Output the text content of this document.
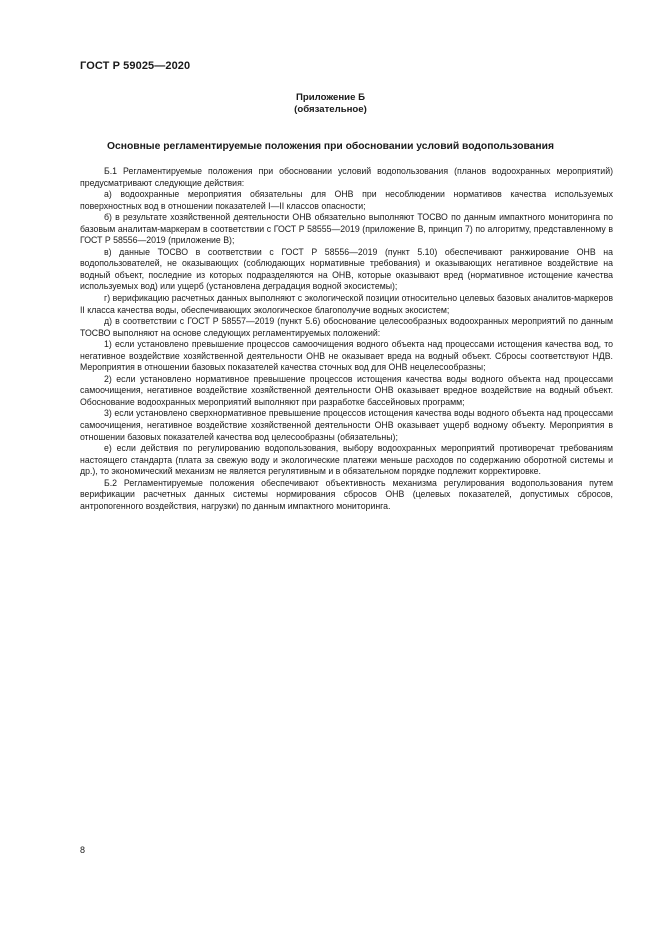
ГОСТ Р 59025—2020
Приложение Б
(обязательное)
Основные регламентируемые положения при обосновании условий водопользования

Б.1 Регламентируемые положения при обосновании условий водопользования (планов водоохранных мероприятий) предусматривают следующие действия:

а) водоохранные мероприятия обязательны для ОНВ при несоблюдении нормативов качества используемых поверхностных вод в отношении показателей I—II классов опасности;

б) в результате хозяйственной деятельности ОНВ обязательно выполняют ТОСВО по данным импактного мониторинга по базовым аналитам-маркерам в соответствии с ГОСТ Р 58555—2019 (приложение В, принцип 7) по алгоритму, представленному в ГОСТ Р 58556—2019 (приложение В);

в) данные ТОСВО в соответствии с ГОСТ Р 58556—2019 (пункт 5.10) обеспечивают ранжирование ОНВ на водопользователей, не оказывающих (соблюдающих нормативные требования) и оказывающих негативное воздействие на водный объект, последние из которых подразделяются на ОНВ, которые оказывают вред (нормативное истощение качества используемых вод) или ущерб (установлена деградация водной экосистемы);

г) верификацию расчетных данных выполняют с экологической позиции относительно целевых базовых аналитов-маркеров II класса качества воды, обеспечивающих экологическое благополучие водных экосистем;

д) в соответствии с ГОСТ Р 58557—2019 (пункт 5.6) обоснование целесообразных водоохранных мероприятий по данным ТОСВО выполняют на основе следующих регламентируемых положений:

1) если установлено превышение процессов самоочищения водного объекта над процессами истощения качества вод, то негативное воздействие хозяйственной деятельности ОНВ не оказывает вреда на водный объект. Сбросы соответствуют НДВ. Мероприятия в отношении базовых показателей качества сточных вод для ОНВ нецелесообразны;

2) если установлено нормативное превышение процессов истощения качества воды водного объекта над процессами самоочищения, негативное воздействие хозяйственной деятельности ОНВ оказывает вредное воздействие на водный объект. Обоснование водоохранных мероприятий выполняют при разработке бассейновых программ;

3) если установлено сверхнормативное превышение процессов истощения качества воды водного объекта над процессами самоочищения, негативное воздействие хозяйственной деятельности ОНВ оказывает ущерб водному объекту. Мероприятия в отношении базовых показателей качества вод целесообразны (обязательны);

е) если действия по регулированию водопользования, выбору водоохранных мероприятий противоречат требованиям настоящего стандарта (плата за свежую воду и экологические платежи меньше расходов по содержанию оборотной системы и др.), то экономический механизм не является регулятивным и в обязательном порядке подлежит корректировке.

Б.2 Регламентируемые положения обеспечивают объективность механизма регулирования водопользования путем верификации расчетных данных системы нормирования сбросов ОНВ (целевых показателей, допустимых сбросов, антропогенного воздействия, нагрузки) по данным импактного мониторинга.

8
